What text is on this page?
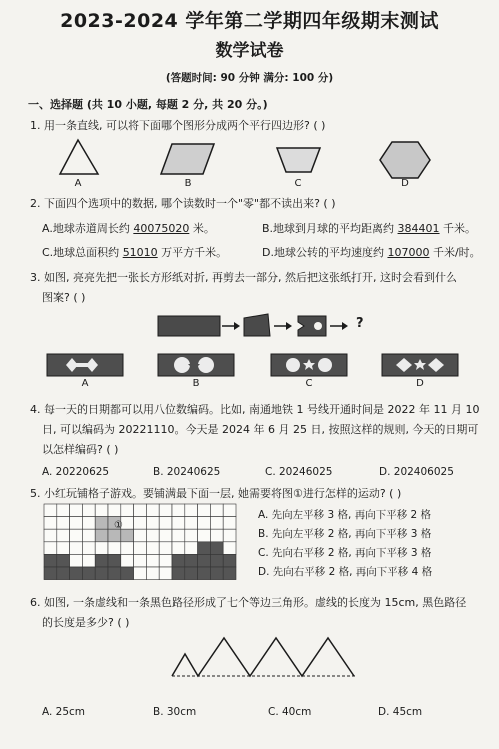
2023-2024 学年第二学期四年级期末测试
数学试卷
(答题时间: 90 分钟 满分: 100 分)
一、选择题 (共 10 小题, 每题 2 分, 共 20 分。)
1. 用一条直线, 可以将下面哪个图形分成两个平行四边形? ( )
A	B	C	D
2. 下面四个选项中的数据, 哪个读数时一个"零"都不读出来? ( )
A.地球赤道周长约 40075020 米。	B.地球到月球的平均距离约 384401 千米。
C.地球总面积约 51010 万平方千米。	D.地球公转的平均速度约 107000 千米/时。
3. 如图, 亮亮先把一张长方形纸对折, 再剪去一部分, 然后把这张纸打开, 这时会看到什么
图案? ( )
?
A	B	C	D
4. 每一天的日期都可以用八位数编码。比如, 南通地铁 1 号线开通时间是 2022 年 11 月 10
日, 可以编码为 20221110。今天是 2024 年 6 月 25 日, 按照这样的规则, 今天的日期可
以怎样编码? ( )
A. 20220625	B. 20240625	C. 20246025	D. 202406025
5. 小红玩铺格子游戏。要铺满最下面一层, 她需要将图①进行怎样的运动? ( )
①
A. 先向左平移 3 格, 再向下平移 2 格
B. 先向左平移 2 格, 再向下平移 3 格
C. 先向右平移 2 格, 再向下平移 3 格
D. 先向右平移 2 格, 再向下平移 4 格
6. 如图, 一条虚线和一条黑色路径形成了七个等边三角形。虚线的长度为 15cm, 黑色路径
的长度是多少? ( )
A. 25cm	B. 30cm	C. 40cm	D. 45cm
